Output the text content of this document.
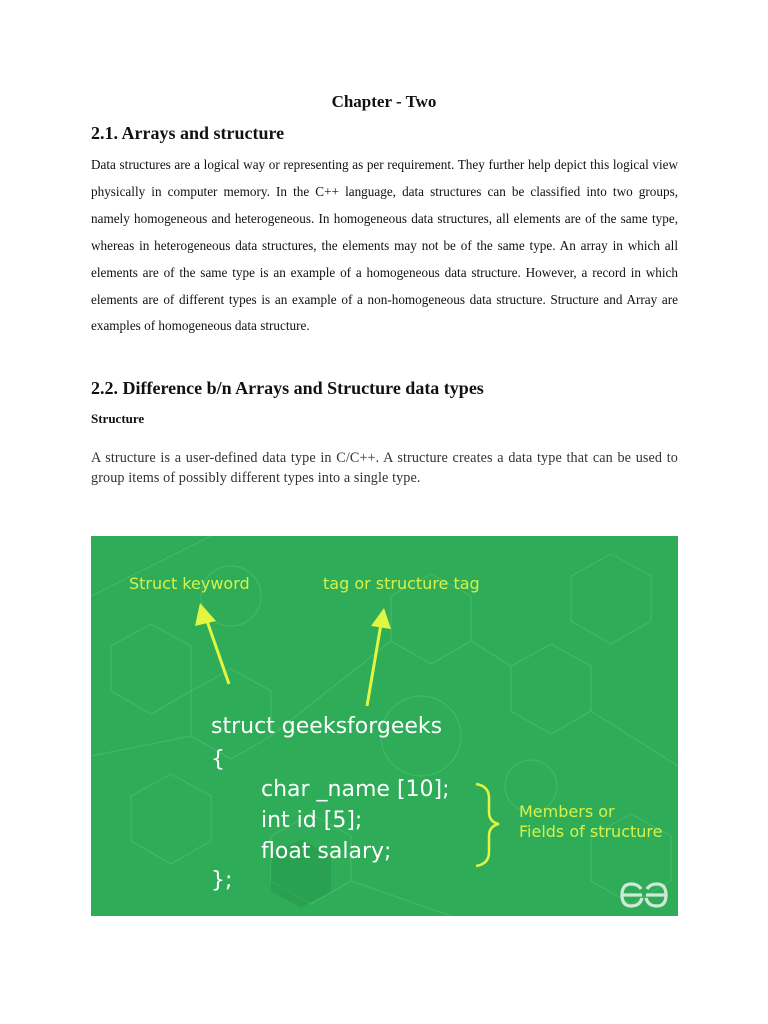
Chapter - Two
2.1. Arrays and structure

Data structures are a logical way or representing as per requirement. They further help depict this logical view physically in computer memory. In the C++ language, data structures can be classified into two groups, namely homogeneous and heterogeneous. In homogeneous data structures, all elements are of the same type, whereas in heterogeneous data structures, the elements may not be of the same type. An array in which all elements are of the same type is an example of a homogeneous data structure. However, a record in which elements are of different types is an example of a non-homogeneous data structure. Structure and Array are examples of homogeneous data structure.

2.2. Difference b/n Arrays and Structure data types
Structure

A structure is a user-defined data type in C/C++. A structure creates a data type that can be used to group items of possibly different types into a single type.

Struct keyword	tag or structure tag
Members or
Fields of structure
struct geeksforgeeks
{
char _name [10];
int id [5];
float salary;
};
